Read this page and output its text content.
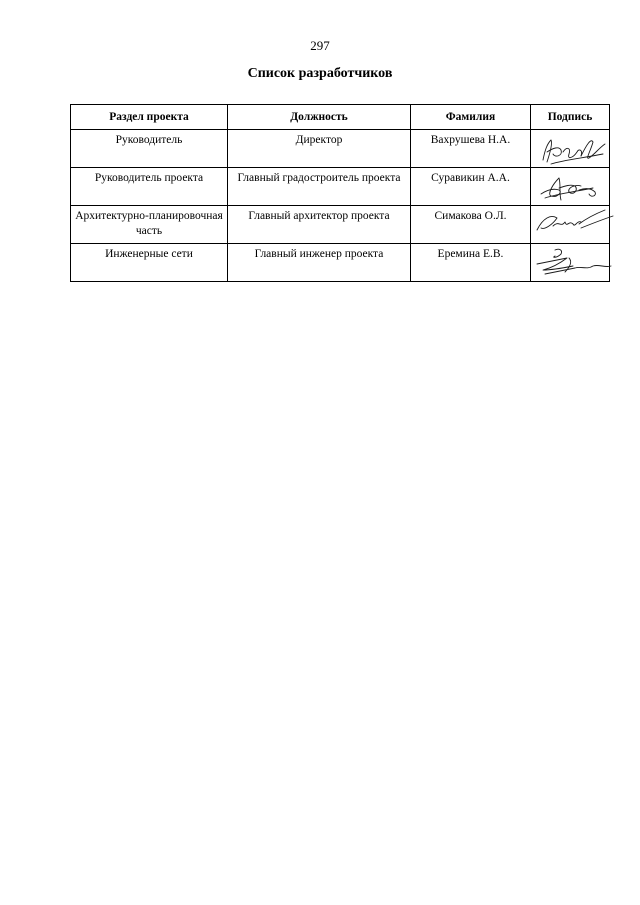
297
Список разработчиков
Раздел проекта	Должность	Фамилия	Подпись
Руководитель	Директор	Вахрушева Н.А.	

Руководитель проекта	Главный градостроитель проекта	Суравикин А.А.	

Архитектурно-планировочная часть	Главный архитектор проекта	Симакова О.Л.	

Инженерные сети	Главный инженер проекта	Еремина Е.В.	
